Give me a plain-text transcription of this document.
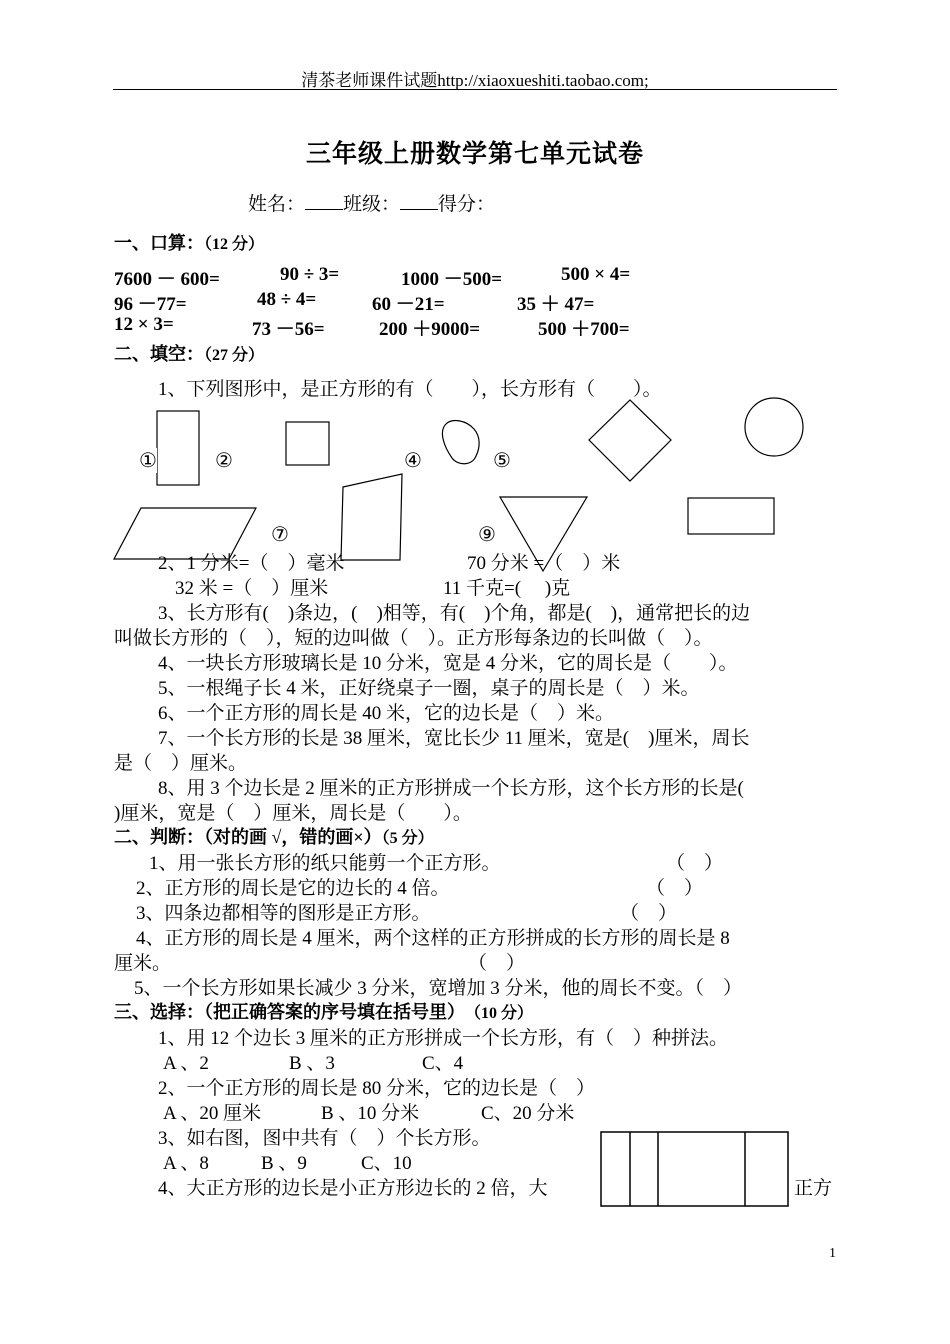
清茶老师课件试题http://xiaoxueshiti.taobao.com;
三年级上册数学第七单元试卷
姓名： 班级： 得分：
一、口算：（12 分）
7600 － 600=	90 ÷ 3=	1000 －500=	500 × 4=
96 －77=	48 ÷ 4=	60 －21=	35 ＋ 47=
12 × 3=	73 －56=	200 ＋9000=	500 ＋700=
二、填空：（27 分）
1、下列图形中，是正方形的有（　　），长方形有（　　）。
①	②	④	⑤
⑦	⑨
2、1 分米=（　）毫米	70 分米 =（　）米
32 米 =（　）厘米	11 千克=(　 )克
3、长方形有(　)条边，(　)相等，有(　)个角，都是(　)，通常把长的边
叫做长方形的（　），短的边叫做（　）。正方形每条边的长叫做（　）。
4、一块长方形玻璃长是 10 分米，宽是 4 分米，它的周长是（　　）。
5、一根绳子长 4 米，正好绕桌子一圈，桌子的周长是（　）米。
6、一个正方形的周长是 40 米，它的边长是（　）米。
7、一个长方形的长是 38 厘米，宽比长少 11 厘米，宽是(　)厘米，周长
是（　）厘米。
8、用 3 个边长是 2 厘米的正方形拼成一个长方形，这个长方形的长是(
)厘米，宽是（　）厘米，周长是（　　）。
二、判断：（对的画 √，错的画×）（5 分）
1、用一张长方形的纸只能剪一个正方形。	（　）
2、正方形的周长是它的边长的 4 倍。	（　）
3、四条边都相等的图形是正方形。	（　）
4、正方形的周长是 4 厘米，两个这样的正方形拼成的长方形的周长是 8
厘米。	（　）
5、一个长方形如果长减少 3 分米，宽增加 3 分米，他的周长不变。（　）
三、选择：（把正确答案的序号填在括号里） （10 分）
1、用 12 个边长 3 厘米的正方形拼成一个长方形，有（　）种拼法。
A 、2	B 、3	C、4
2、一个正方形的周长是 80 分米，它的边长是（　）
A 、20 厘米	B 、10 分米	C、20 分米
3、如右图，图中共有（　）个长方形。
A 、8	B 、9	C、10
4、大正方形的边长是小正方形边长的 2 倍，大	正方
1
